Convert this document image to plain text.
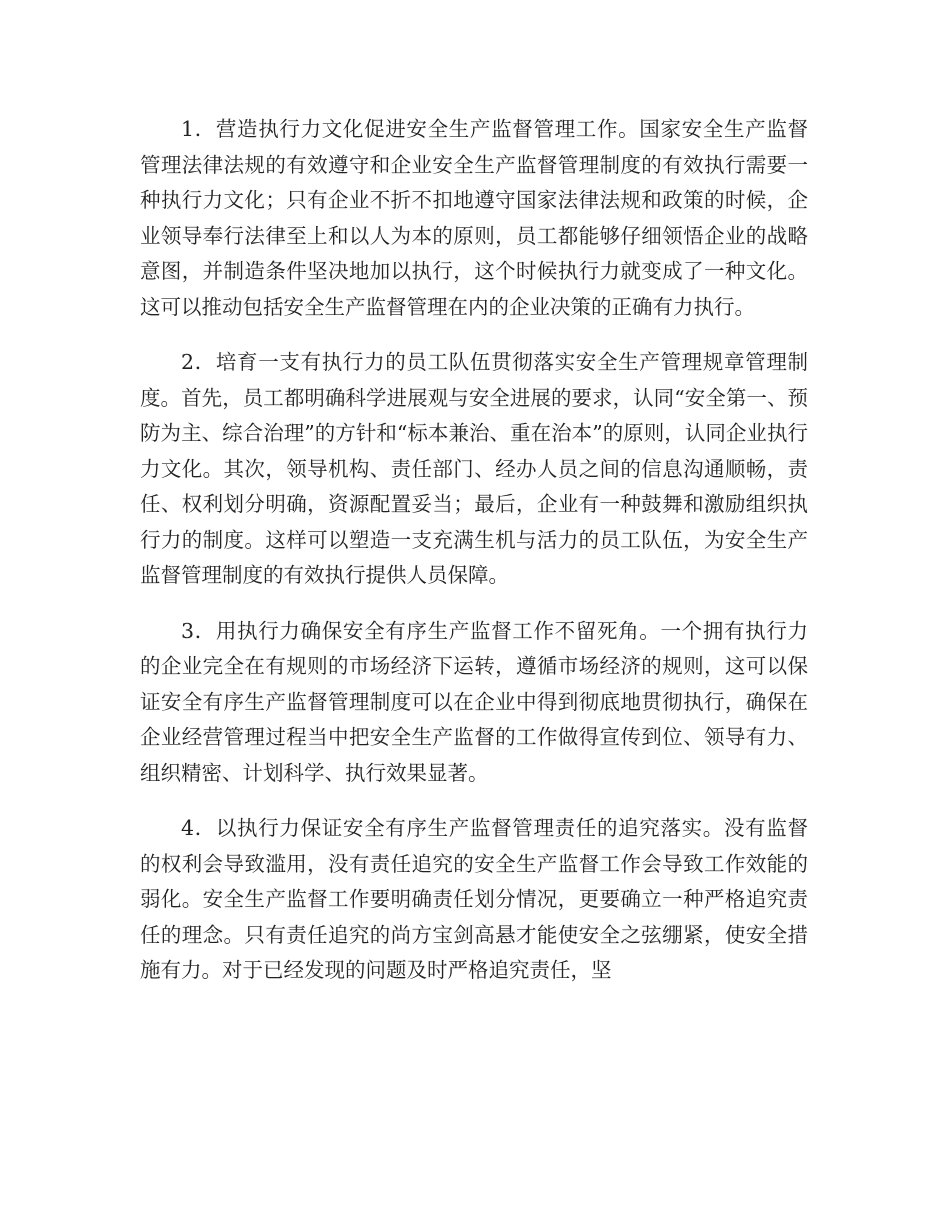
1．营造执行力文化促进安全生产监督管理工作。国家安全生产监督管理法律法规的有效遵守和企业安全生产监督管理制度的有效执行需要一种执行力文化；只有企业不折不扣地遵守国家法律法规和政策的时候，企业领导奉行法律至上和以人为本的原则，员工都能够仔细领悟企业的战略意图，并制造条件坚决地加以执行，这个时候执行力就变成了一种文化。这可以推动包括安全生产监督管理在内的企业决策的正确有力执行。

2．培育一支有执行力的员工队伍贯彻落实安全生产管理规章管理制度。首先，员工都明确科学进展观与安全进展的要求，认同“安全第一、预防为主、综合治理”的方针和“标本兼治、重在治本”的原则，认同企业执行力文化。其次，领导机构、责任部门、经办人员之间的信息沟通顺畅，责任、权利划分明确，资源配置妥当；最后，企业有一种鼓舞和激励组织执行力的制度。这样可以塑造一支充满生机与活力的员工队伍，为安全生产监督管理制度的有效执行提供人员保障。

3．用执行力确保安全有序生产监督工作不留死角。一个拥有执行力的企业完全在有规则的市场经济下运转，遵循市场经济的规则，这可以保证安全有序生产监督管理制度可以在企业中得到彻底地贯彻执行，确保在企业经营管理过程当中把安全生产监督的工作做得宣传到位、领导有力、组织精密、计划科学、执行效果显著。

4．以执行力保证安全有序生产监督管理责任的追究落实。没有监督的权利会导致滥用，没有责任追究的安全生产监督工作会导致工作效能的弱化。安全生产监督工作要明确责任划分情况，更要确立一种严格追究责任的理念。只有责任追究的尚方宝剑高悬才能使安全之弦绷紧，使安全措施有力。对于已经发现的问题及时严格追究责任，坚
